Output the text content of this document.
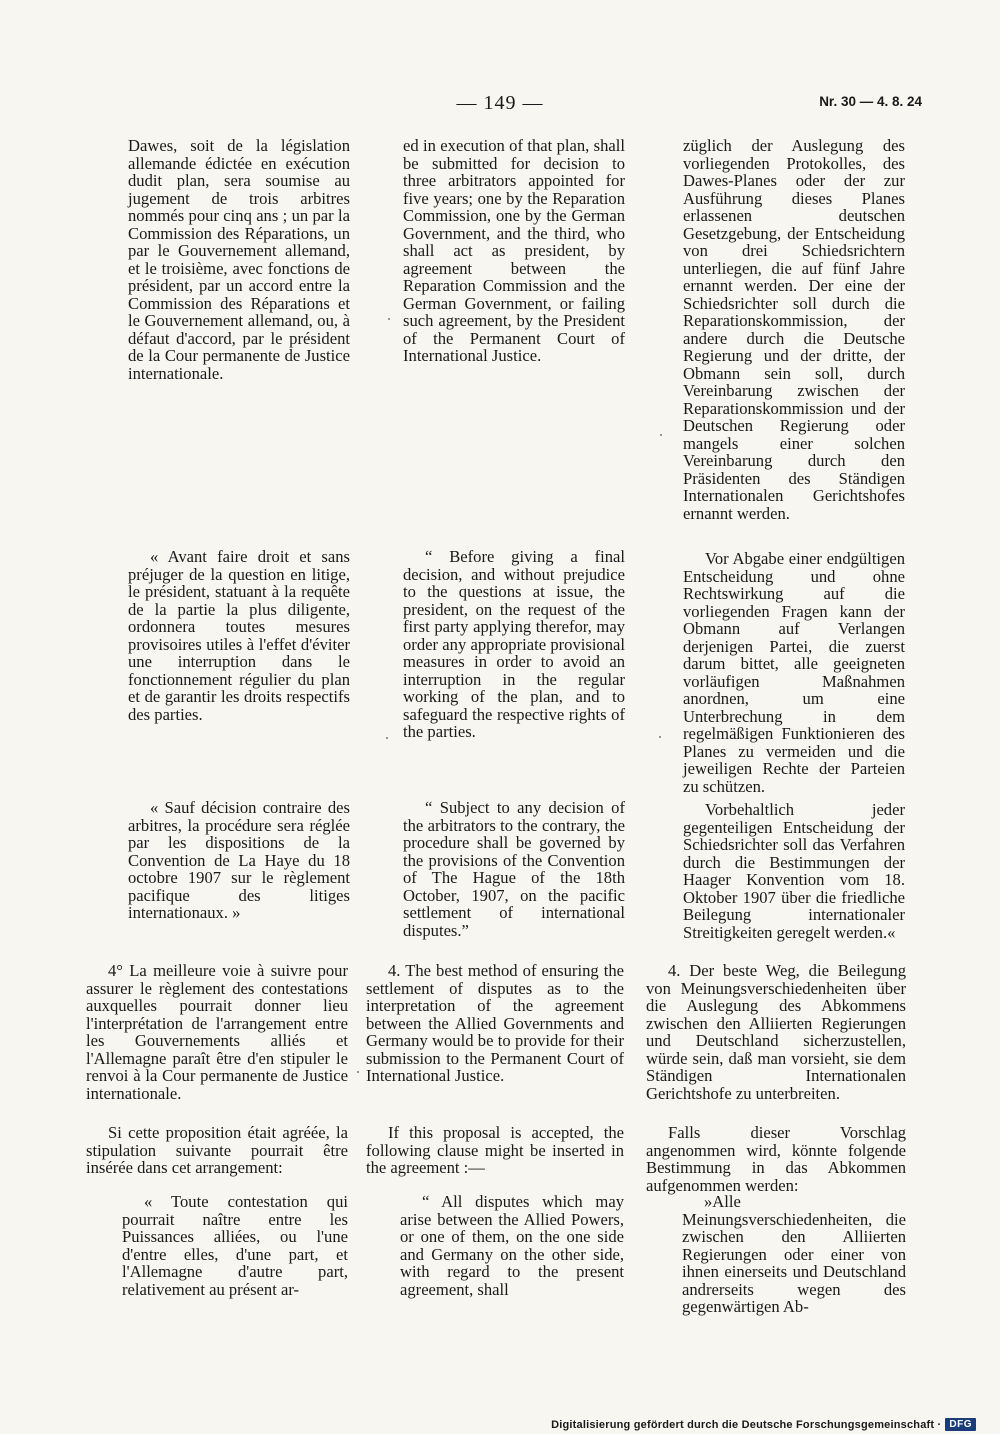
— 149 —	Nr. 30 — 4. 8. 24

Dawes, soit de la législation allemande édictée en exécution dudit plan, sera soumise au jugement de trois arbitres nommés pour cinq ans ; un par la Commission des Réparations, un par le Gouvernement allemand, et le troisième, avec fonctions de président, par un accord entre la Commission des Réparations et le Gouvernement allemand, ou, à défaut d'accord, par le président de la Cour permanente de Justice internationale.

« Avant faire droit et sans préjuger de la question en litige, le président, statuant à la requête de la partie la plus diligente, ordonnera toutes mesures provisoires utiles à l'effet d'éviter une interruption dans le fonctionnement régulier du plan et de garantir les droits respectifs des parties.

« Sauf décision contraire des arbitres, la procédure sera réglée par les dispositions de la Convention de La Haye du 18 octobre 1907 sur le règlement pacifique des litiges internationaux. »

4° La meilleure voie à suivre pour assurer le règlement des contestations auxquelles pourrait donner lieu l'interprétation de l'arrangement entre les Gouvernements alliés et l'Allemagne paraît être d'en stipuler le renvoi à la Cour permanente de Justice internationale.

Si cette proposition était agréée, la stipulation suivante pourrait être insérée dans cet arrangement:

« Toute contestation qui pourrait naître entre les Puissances alliées, ou l'une d'entre elles, d'une part, et l'Allemagne d'autre part, relativement au présent ar-

ed in execution of that plan, shall be submitted for decision to three arbitrators appointed for five years; one by the Reparation Commission, one by the German Government, and the third, who shall act as president, by agreement between the Reparation Commission and the German Government, or failing such agreement, by the President of the Permanent Court of International Justice.

“ Before giving a final decision, and without prejudice to the questions at issue, the president, on the request of the first party applying therefor, may order any appropriate provisional measures in order to avoid an interruption in the regular working of the plan, and to safeguard the respective rights of the parties.

“ Subject to any decision of the arbitrators to the contrary, the procedure shall be governed by the provisions of the Convention of The Hague of the 18th October, 1907, on the pacific settlement of international disputes.”

4. The best method of ensuring the settlement of disputes as to the interpretation of the agreement between the Allied Governments and Germany would be to provide for their submission to the Permanent Court of International Justice.

If this proposal is accepted, the following clause might be inserted in the agreement :—

“ All disputes which may arise between the Allied Powers, or one of them, on the one side and Germany on the other side, with regard to the present agreement, shall

züglich der Auslegung des vorliegenden Protokolles, des Dawes-Planes oder der zur Ausführung dieses Planes erlassenen deutschen Gesetzgebung, der Entscheidung von drei Schiedsrichtern unterliegen, die auf fünf Jahre ernannt werden. Der eine der Schiedsrichter soll durch die Reparationskommission, der andere durch die Deutsche Regierung und der dritte, der Obmann sein soll, durch Vereinbarung zwischen der Reparationskommission und der Deutschen Regierung oder mangels einer solchen Vereinbarung durch den Präsidenten des Ständigen Internationalen Gerichtshofes ernannt werden.

Vor Abgabe einer endgültigen Entscheidung und ohne Rechtswirkung auf die vorliegenden Fragen kann der Obmann auf Verlangen derjenigen Partei, die zuerst darum bittet, alle geeigneten vorläufigen Maßnahmen anordnen, um eine Unterbrechung in dem regelmäßigen Funktionieren des Planes zu vermeiden und die jeweiligen Rechte der Parteien zu schützen.

Vorbehaltlich jeder gegenteiligen Entscheidung der Schiedsrichter soll das Verfahren durch die Bestimmungen der Haager Konvention vom 18. Oktober 1907 über die friedliche Beilegung internationaler Streitigkeiten geregelt werden.«

4. Der beste Weg, die Beilegung von Meinungsverschiedenheiten über die Auslegung des Abkommens zwischen den Alliierten Regierungen und Deutschland sicherzustellen, würde sein, daß man vorsieht, sie dem Ständigen Internationalen Gerichtshofe zu unterbreiten.

Falls dieser Vorschlag angenommen wird, könnte folgende Bestimmung in das Abkommen aufgenommen werden:

»Alle Meinungsverschiedenheiten, die zwischen den Alliierten Regierungen oder einer von ihnen einerseits und Deutschland andrerseits wegen des gegenwärtigen Ab-

Digitalisierung gefördert durch die Deutsche Forschungsgemeinschaft · DFG
